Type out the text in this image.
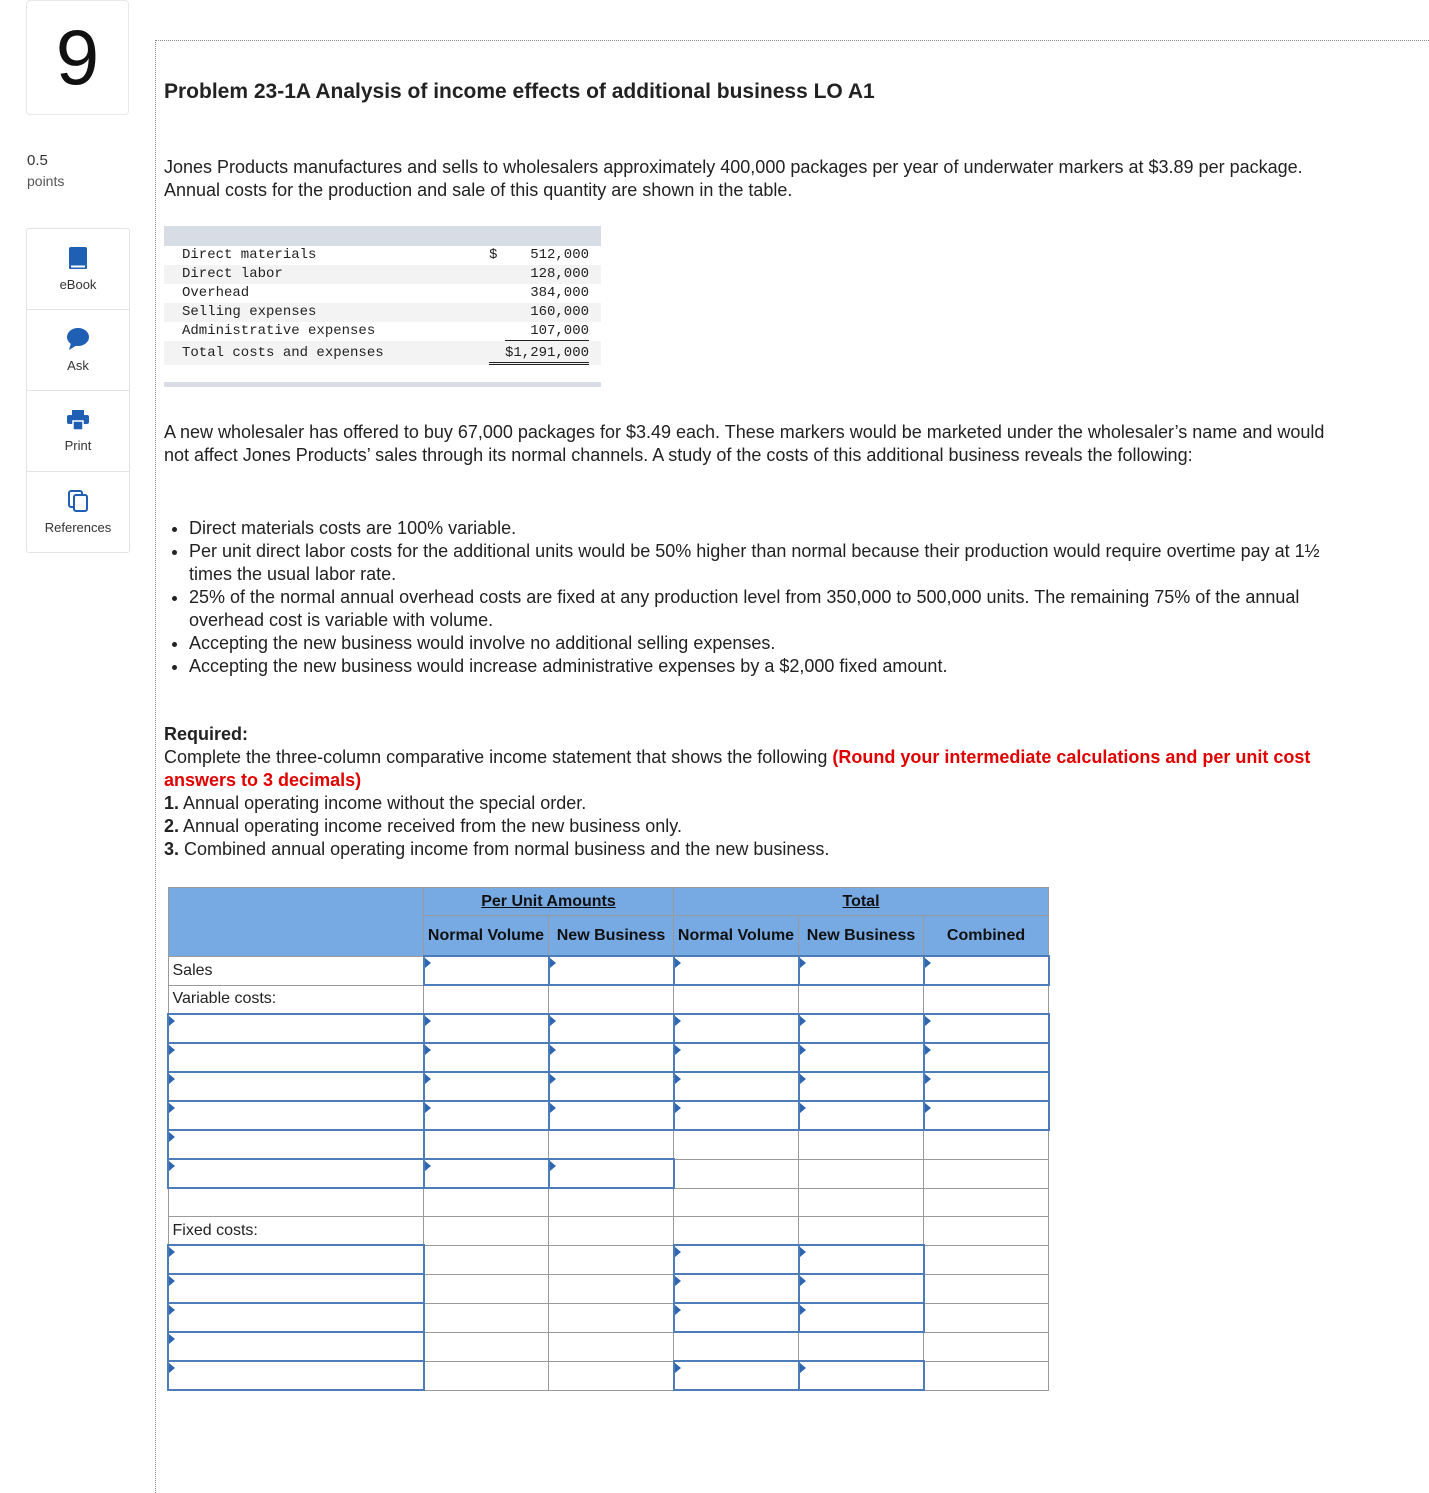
9
0.5
points
eBook
Ask
Print
References
Problem 23-1A Analysis of income effects of additional business LO A1

Jones Products manufactures and sells to wholesalers approximately 400,000 packages per year of underwater markers at $3.89 per package. Annual costs for the production and sale of this quantity are shown in the table.

Direct materials	$	512,000
Direct labor	128,000
Overhead	384,000
Selling expenses	160,000
Administrative expenses	107,000
Total costs and expenses	$1,291,000

A new wholesaler has offered to buy 67,000 packages for $3.49 each. These markers would be marketed under the wholesaler’s name and would not affect Jones Products’ sales through its normal channels. A study of the costs of this additional business reveals the following:

• Direct materials costs are 100% variable.
• Per unit direct labor costs for the additional units would be 50% higher than normal because their production would require overtime pay at 1½ times the usual labor rate.
• 25% of the normal annual overhead costs are fixed at any production level from 350,000 to 500,000 units. The remaining 75% of the annual overhead cost is variable with volume.
• Accepting the new business would involve no additional selling expenses.
• Accepting the new business would increase administrative expenses by a $2,000 fixed amount.
Required:
Complete the three-column comparative income statement that shows the following (Round your intermediate calculations and per unit cost answers to 3 decimals)
1. Annual operating income without the special order.
2. Annual operating income received from the new business only.
3. Combined annual operating income from normal business and the new business.
	Per Unit Amounts		Total		
	Normal Volume	New Business	Normal Volume	New Business	Combined
Sales					
Variable costs:					

Fixed costs:					
